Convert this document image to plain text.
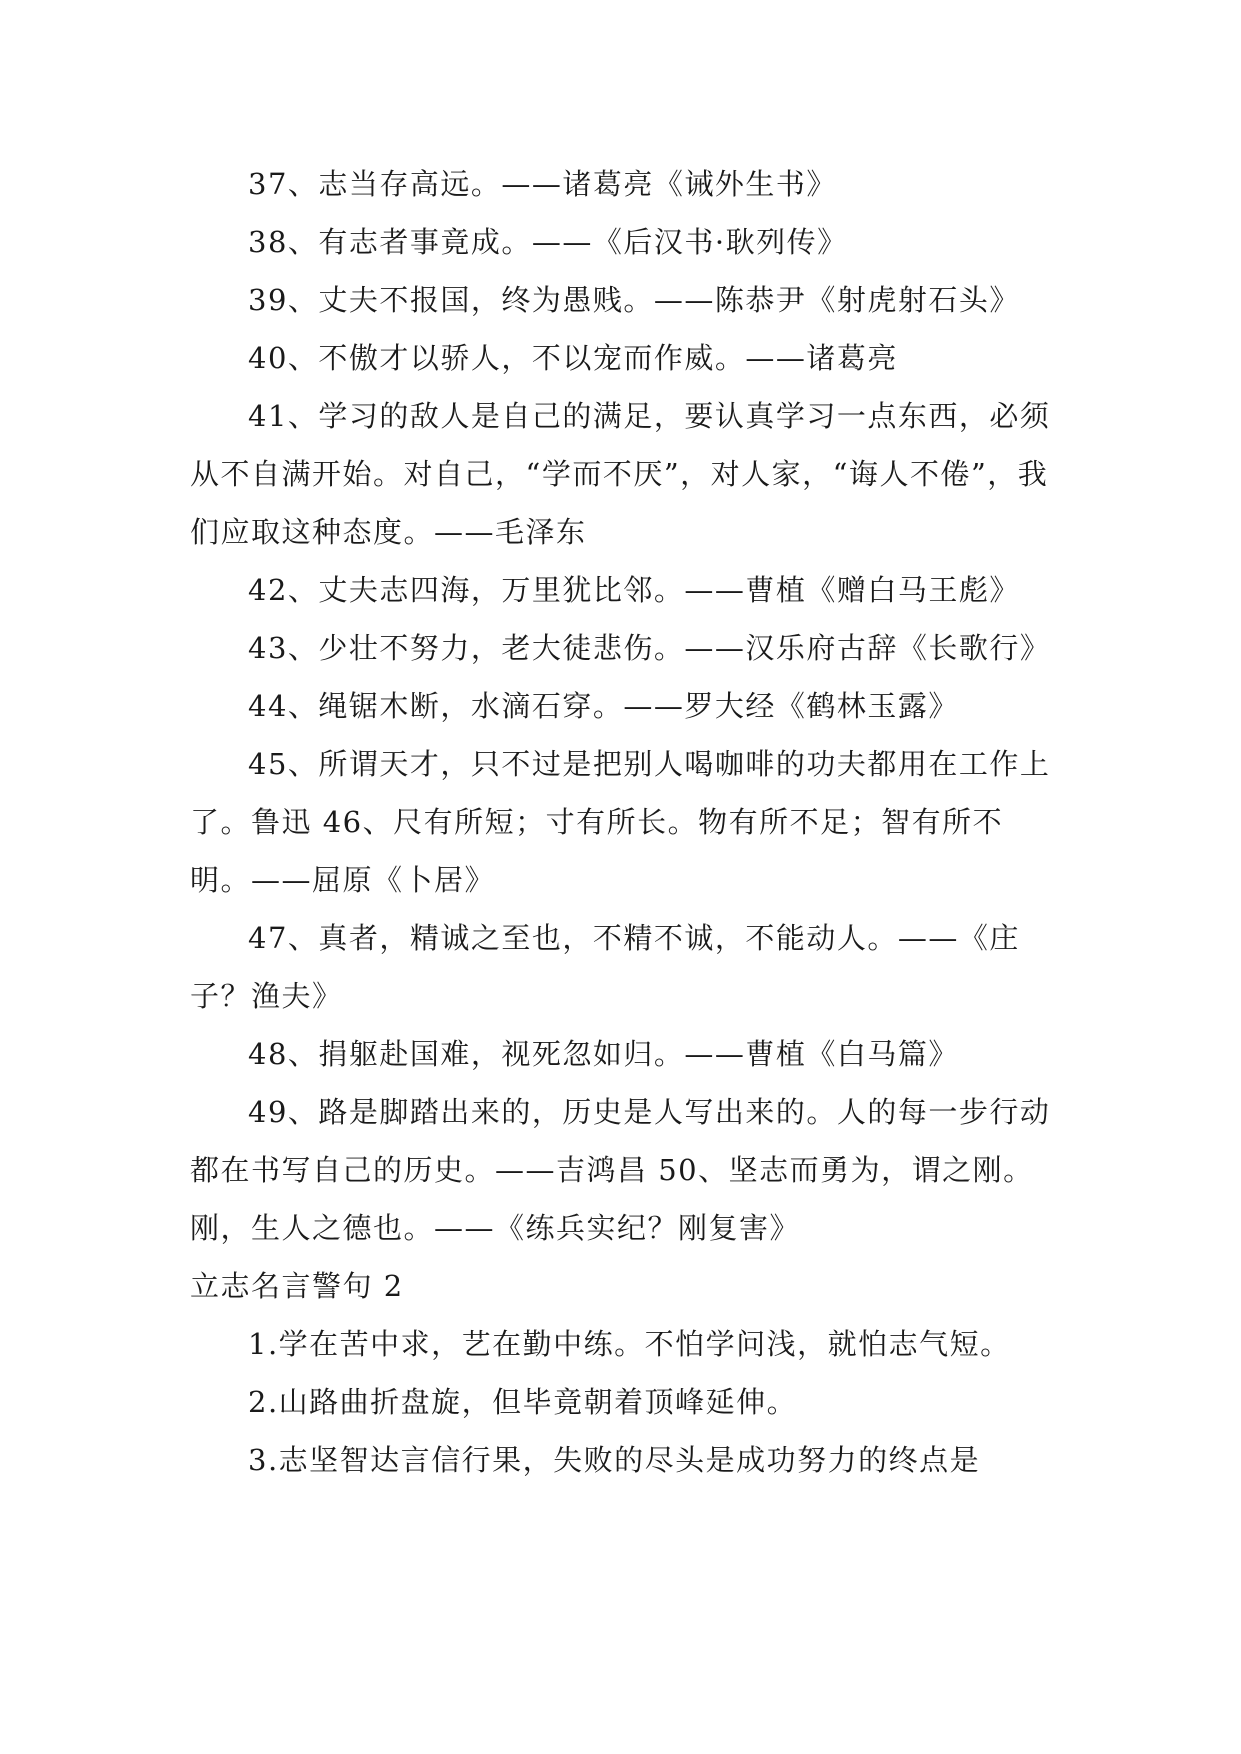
37、志当存高远。——诸葛亮《诫外生书》

38、有志者事竟成。——《后汉书·耿列传》

39、丈夫不报国，终为愚贱。——陈恭尹《射虎射石头》

40、不傲才以骄人，不以宠而作威。——诸葛亮

41、学习的敌人是自己的满足，要认真学习一点东西，必须从不自满开始。对自己，“学而不厌”，对人家，“诲人不倦”，我们应取这种态度。——毛泽东

42、丈夫志四海，万里犹比邻。——曹植《赠白马王彪》

43、少壮不努力，老大徒悲伤。——汉乐府古辞《长歌行》

44、绳锯木断，水滴石穿。——罗大经《鹤林玉露》

45、所谓天才，只不过是把别人喝咖啡的功夫都用在工作上了。鲁迅 46、尺有所短；寸有所长。物有所不足；智有所不明。——屈原《卜居》

47、真者，精诚之至也，不精不诚，不能动人。——《庄子？渔夫》

48、捐躯赴国难，视死忽如归。——曹植《白马篇》

49、路是脚踏出来的，历史是人写出来的。人的每一步行动都在书写自己的历史。——吉鸿昌 50、坚志而勇为，谓之刚。刚，生人之德也。——《练兵实纪？刚复害》

立志名言警句 2

1.学在苦中求，艺在勤中练。不怕学问浅，就怕志气短。

2.山路曲折盘旋，但毕竟朝着顶峰延伸。

3.志坚智达言信行果，失败的尽头是成功努力的终点是
